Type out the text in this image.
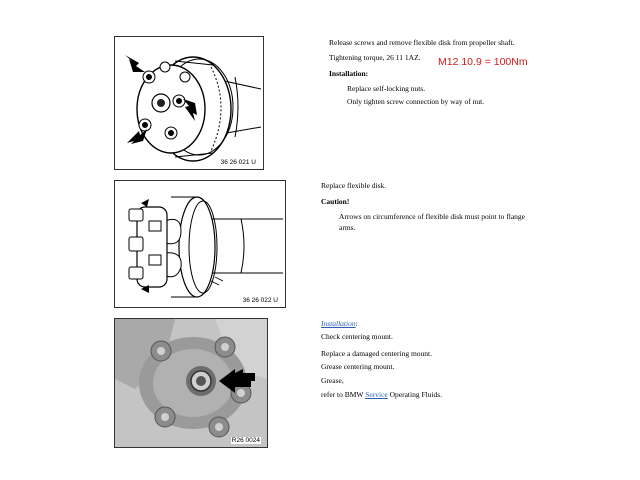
36 26 021 U
Release screws and remove flexible disk from propeller shaft.
Tightening torque, 26 11 1AZ. M12 10.9 = 100Nm
Installation:
Replace self-locking nuts.
Only tighten screw connection by way of nut.
36 26 022 U
Replace flexible disk.
Caution!
Arrows on circumference of flexible disk must point to flange
arms.
R26 0024
Installation:
Check centering mount.
Replace a damaged centering mount.
Grease centering mount.
Grease,
refer to BMW Service Operating Fluids.
